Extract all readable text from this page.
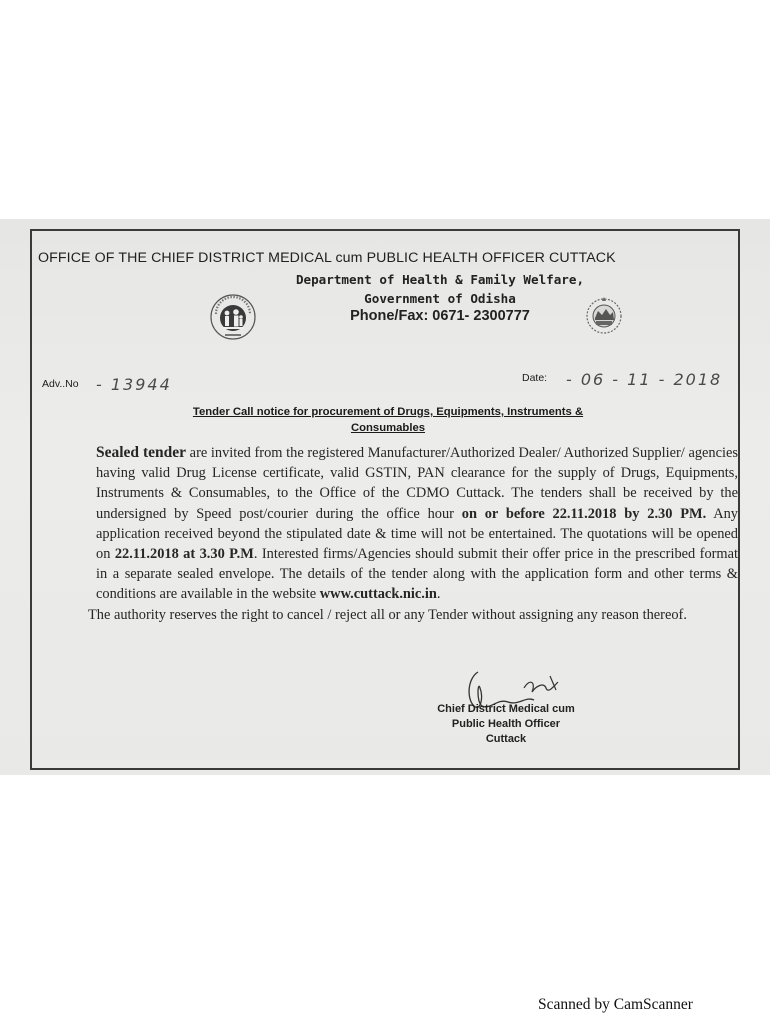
OFFICE OF THE CHIEF DISTRICT MEDICAL cum PUBLIC HEALTH OFFICER CUTTACK
Department of Health & Family Welfare,
Government of Odisha
Phone/Fax: 0671- 2300777
Adv..No - 13944	Date: - 06 - 11 - 2018
Tender Call notice for procurement of Drugs, Equipments, Instruments &
Consumables

Sealed tender are invited from the registered Manufacturer/Authorized Dealer/ Authorized Supplier/ agencies having valid Drug License certificate, valid GSTIN, PAN clearance for the supply of Drugs, Equipments, Instruments & Consumables, to the Office of the CDMO Cuttack. The tenders shall be received by the undersigned by Speed post/courier during the office hour on or before 22.11.2018 by 2.30 PM. Any application received beyond the stipulated date & time will not be entertained. The quotations will be opened on 22.11.2018 at 3.30 P.M. Interested firms/Agencies should submit their offer price in the prescribed format in a separate sealed envelope. The details of the tender along with the application form and other terms & conditions are available in the website www.cuttack.nic.in.

The authority reserves the right to cancel / reject all or any Tender without assigning any reason thereof.

Chief District Medical cum
Public Health Officer
Cuttack
Scanned by CamScanner
